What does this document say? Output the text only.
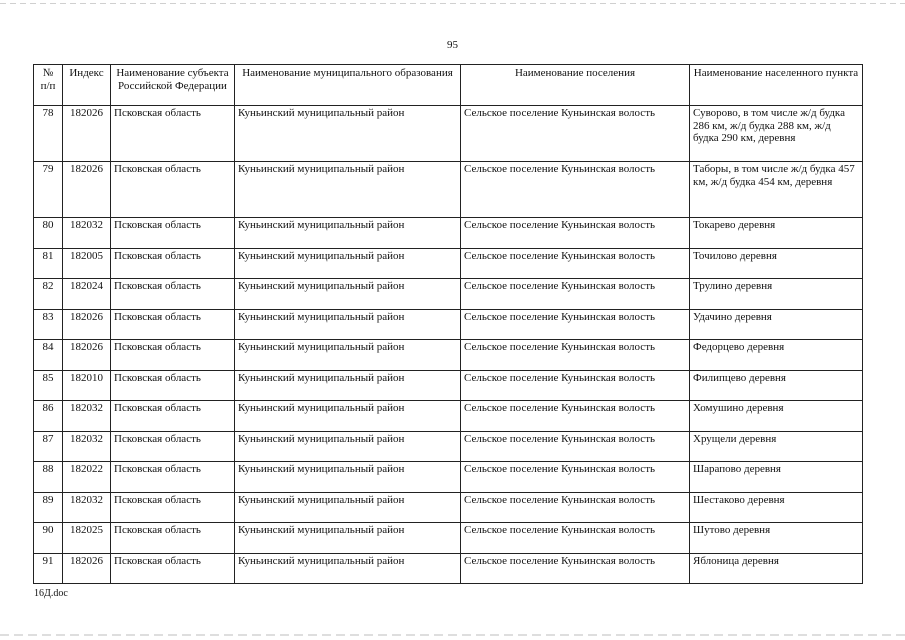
95
№ п/п	Индекс	Наименование субъекта Российской Федерации	Наименование муниципального образования	Наименование поселения	Наименование населенного пункта
78	182026	Псковская область	Куньинский муниципальный район	Сельское поселение Куньинская волость	Суворово, в том числе ж/д будка 286 км, ж/д будка 288 км, ж/д будка 290 км, деревня
79	182026	Псковская область	Куньинский муниципальный район	Сельское поселение Куньинская волость	Таборы, в том числе ж/д будка 457 км, ж/д будка 454 км, деревня
80	182032	Псковская область	Куньинский муниципальный район	Сельское поселение Куньинская волость	Токарево деревня
81	182005	Псковская область	Куньинский муниципальный район	Сельское поселение Куньинская волость	Точилово деревня
82	182024	Псковская область	Куньинский муниципальный район	Сельское поселение Куньинская волость	Трулино деревня
83	182026	Псковская область	Куньинский муниципальный район	Сельское поселение Куньинская волость	Удачино деревня
84	182026	Псковская область	Куньинский муниципальный район	Сельское поселение Куньинская волость	Федорцево деревня
85	182010	Псковская область	Куньинский муниципальный район	Сельское поселение Куньинская волость	Филипцево деревня
86	182032	Псковская область	Куньинский муниципальный район	Сельское поселение Куньинская волость	Хомушино деревня
87	182032	Псковская область	Куньинский муниципальный район	Сельское поселение Куньинская волость	Хрущели деревня
88	182022	Псковская область	Куньинский муниципальный район	Сельское поселение Куньинская волость	Шарапово деревня
89	182032	Псковская область	Куньинский муниципальный район	Сельское поселение Куньинская волость	Шестаково деревня
90	182025	Псковская область	Куньинский муниципальный район	Сельское поселение Куньинская волость	Шутово деревня
91	182026	Псковская область	Куньинский муниципальный район	Сельское поселение Куньинская волость	Яблоница деревня
16Д.doc
